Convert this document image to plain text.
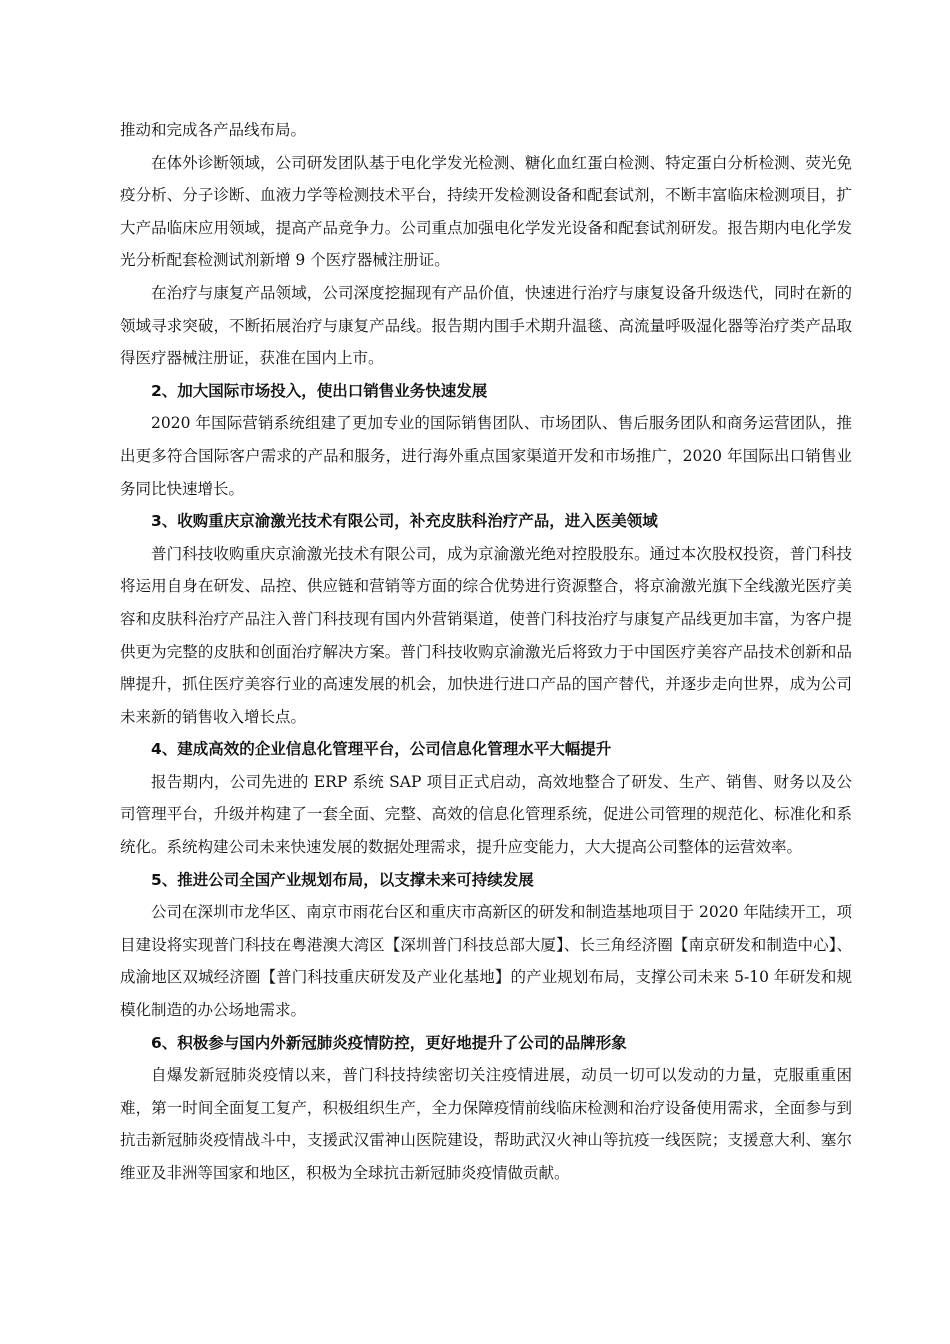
推动和完成各产品线布局。

在体外诊断领域，公司研发团队基于电化学发光检测、糖化血红蛋白检测、特定蛋白分析检测、荧光免疫分析、分子诊断、血液力学等检测技术平台，持续开发检测设备和配套试剂，不断丰富临床检测项目，扩大产品临床应用领域，提高产品竞争力。公司重点加强电化学发光设备和配套试剂研发。报告期内电化学发光分析配套检测试剂新增 9 个医疗器械注册证。

在治疗与康复产品领域，公司深度挖掘现有产品价值，快速进行治疗与康复设备升级迭代，同时在新的领域寻求突破，不断拓展治疗与康复产品线。报告期内围手术期升温毯、高流量呼吸湿化器等治疗类产品取得医疗器械注册证，获准在国内上市。

2、加大国际市场投入，使出口销售业务快速发展

2020 年国际营销系统组建了更加专业的国际销售团队、市场团队、售后服务团队和商务运营团队，推出更多符合国际客户需求的产品和服务，进行海外重点国家渠道开发和市场推广，2020 年国际出口销售业务同比快速增长。

3、收购重庆京渝激光技术有限公司，补充皮肤科治疗产品，进入医美领域

普门科技收购重庆京渝激光技术有限公司，成为京渝激光绝对控股股东。通过本次股权投资，普门科技将运用自身在研发、品控、供应链和营销等方面的综合优势进行资源整合，将京渝激光旗下全线激光医疗美容和皮肤科治疗产品注入普门科技现有国内外营销渠道，使普门科技治疗与康复产品线更加丰富，为客户提供更为完整的皮肤和创面治疗解决方案。普门科技收购京渝激光后将致力于中国医疗美容产品技术创新和品牌提升，抓住医疗美容行业的高速发展的机会，加快进行进口产品的国产替代，并逐步走向世界，成为公司未来新的销售收入增长点。

4、建成高效的企业信息化管理平台，公司信息化管理水平大幅提升

报告期内，公司先进的 ERP 系统 SAP 项目正式启动，高效地整合了研发、生产、销售、财务以及公司管理平台，升级并构建了一套全面、完整、高效的信息化管理系统，促进公司管理的规范化、标准化和系统化。系统构建公司未来快速发展的数据处理需求，提升应变能力，大大提高公司整体的运营效率。

5、推进公司全国产业规划布局，以支撑未来可持续发展

公司在深圳市龙华区、南京市雨花台区和重庆市高新区的研发和制造基地项目于 2020 年陆续开工，项目建设将实现普门科技在粤港澳大湾区【深圳普门科技总部大厦】、长三角经济圈【南京研发和制造中心】、成渝地区双城经济圈【普门科技重庆研发及产业化基地】的产业规划布局，支撑公司未来 5-10 年研发和规模化制造的办公场地需求。

6、积极参与国内外新冠肺炎疫情防控，更好地提升了公司的品牌形象

自爆发新冠肺炎疫情以来，普门科技持续密切关注疫情进展，动员一切可以发动的力量，克服重重困难，第一时间全面复工复产，积极组织生产，全力保障疫情前线临床检测和治疗设备使用需求，全面参与到抗击新冠肺炎疫情战斗中，支援武汉雷神山医院建设，帮助武汉火神山等抗疫一线医院；支援意大利、塞尔维亚及非洲等国家和地区，积极为全球抗击新冠肺炎疫情做贡献。
